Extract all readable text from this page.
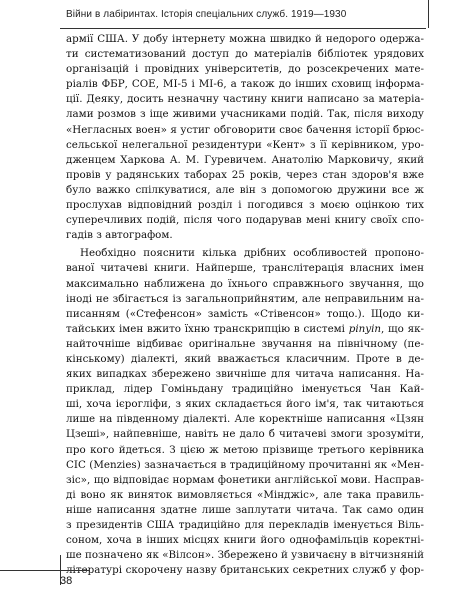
Війни в лабіринтах. Історія спеціальних служб. 1919—1930
армії США. У добу інтернету можна швидко й недорого одержа-
ти систематизований доступ до матеріалів бібліотек урядових
організацій і провідних університетів, до розсекречених мате-
ріалів ФБР, СОЕ, МІ-5 і МІ-6, а також до інших сховищ інформа-
ції. Деяку, досить незначну частину книги написано за матеріа-
лами розмов з іще живими учасниками подій. Так, після виходу
«Негласных воен» я устиг обговорити своє бачення історії брюс-
сельської нелегальної резидентури «Кент» з її керівником, уро-
дженцем Харкова А. М. Гуревичем. Анатолію Марковичу, який
провів у радянських таборах 25 років, через стан здоров'я вже
було важко спілкуватися, але він з допомогою дружини все ж
прослухав відповідний розділ і погодився з моєю оцінкою тих
суперечливих подій, після чого подарував мені книгу своїх спо-
гадів з автографом.
Необхідно пояснити кілька дрібних особливостей пропоно-
ваної читачеві книги. Найперше, транслітерація власних імен
максимально наближена до їхнього справжнього звучання, що
іноді не збігається із загальноприйнятим, але неправильним на-
писанням («Стефенсон» замість «Стівенсон» тощо.). Щодо ки-
тайських імен вжито їхню транскрипцію в системі pinyin, що як-
найточніше відбиває оригінальне звучання на північному (пе-
кінському) діалекті, який вважається класичним. Проте в де-
яких випадках збережено звичніше для читача написання. На-
приклад, лідер Гоміньдану традиційно іменується Чан Кай-
ші, хоча ієрогліфи, з яких складається його ім'я, так читаються
лише на південному діалекті. Але коректніше написання «Цзян
Цзеші», найпевніше, навіть не дало б читачеві змоги зрозуміти,
про кого йдеться. З цією ж метою прізвище третього керівника
СІС (Menzies) зазначається в традиційному прочитанні як «Мен-
зіс», що відповідає нормам фонетики англійської мови. Насправ-
ді воно як виняток вимовляється «Мінджіс», але така правиль-
ніше написання здатне лише заплутати читача. Так само один
з президентів США традиційно для перекладів іменується Віль-
соном, хоча в інших місцях книги його однофамільців коректні-
ше позначено як «Вілсон». Збережено й узвичаєну в вітчизняній
літературі скорочену назву британських секретних служб у фор-
38
